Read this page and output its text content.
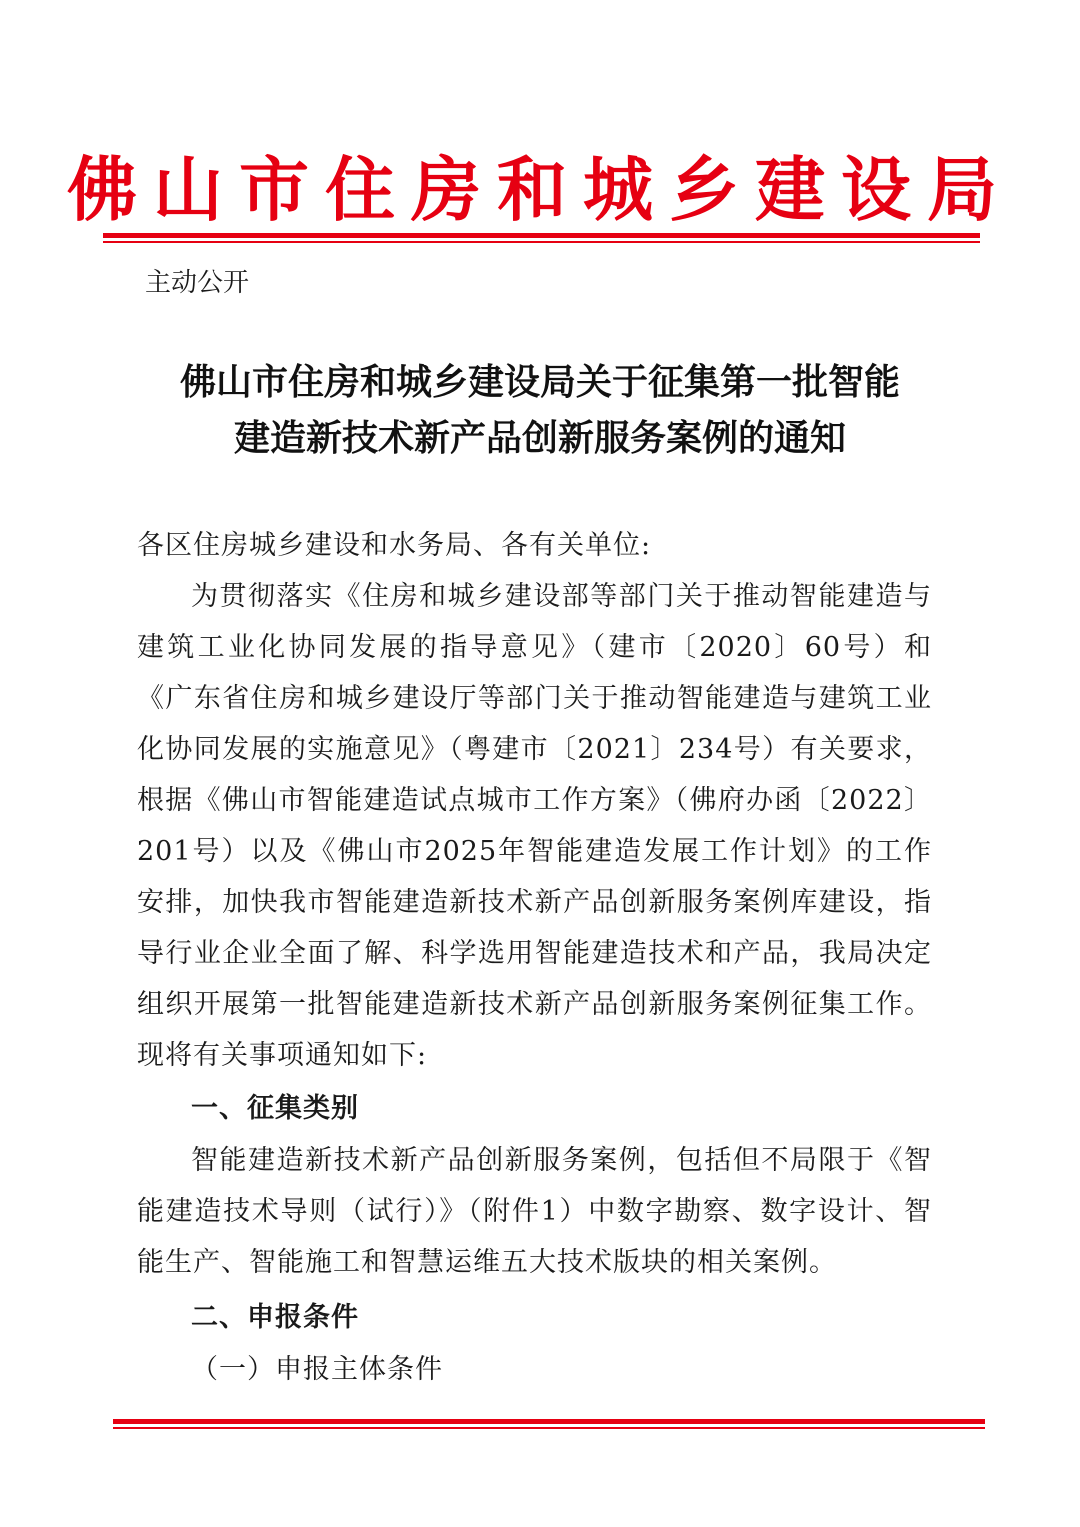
佛山市住房和城乡建设局
主动公开
佛山市住房和城乡建设局关于征集第一批智能
建造新技术新产品创新服务案例的通知

各区住房城乡建设和水务局、各有关单位:

为贯彻落实《住房和城乡建设部等部门关于推动智能建造与建筑工业化协同发展的指导意见》（建市〔2020〕60号）和《广东省住房和城乡建设厅等部门关于推动智能建造与建筑工业化协同发展的实施意见》（粤建市〔2021〕234号）有关要求，根据《佛山市智能建造试点城市工作方案》（佛府办函〔2022〕201号）以及《佛山市2025年智能建造发展工作计划》的工作安排，加快我市智能建造新技术新产品创新服务案例库建设，指导行业企业全面了解、科学选用智能建造技术和产品，我局决定组织开展第一批智能建造新技术新产品创新服务案例征集工作。现将有关事项通知如下:

一、征集类别

智能建造新技术新产品创新服务案例，包括但不局限于《智能建造技术导则（试行）》（附件1）中数字勘察、数字设计、智能生产、智能施工和智慧运维五大技术版块的相关案例。

二、申报条件

（一）申报主体条件
